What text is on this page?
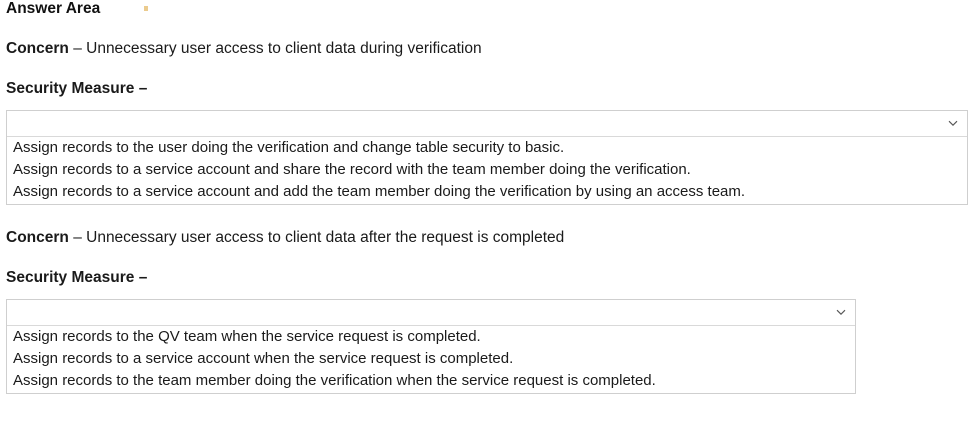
Answer Area
Concern – Unnecessary user access to client data during verification
Security Measure –
Assign records to the user doing the verification and change table security to basic.
Assign records to a service account and share the record with the team member doing the verification.
Assign records to a service account and add the team member doing the verification by using an access team.
Concern – Unnecessary user access to client data after the request is completed
Security Measure –
Assign records to the QV team when the service request is completed.
Assign records to a service account when the service request is completed.
Assign records to the team member doing the verification when the service request is completed.
